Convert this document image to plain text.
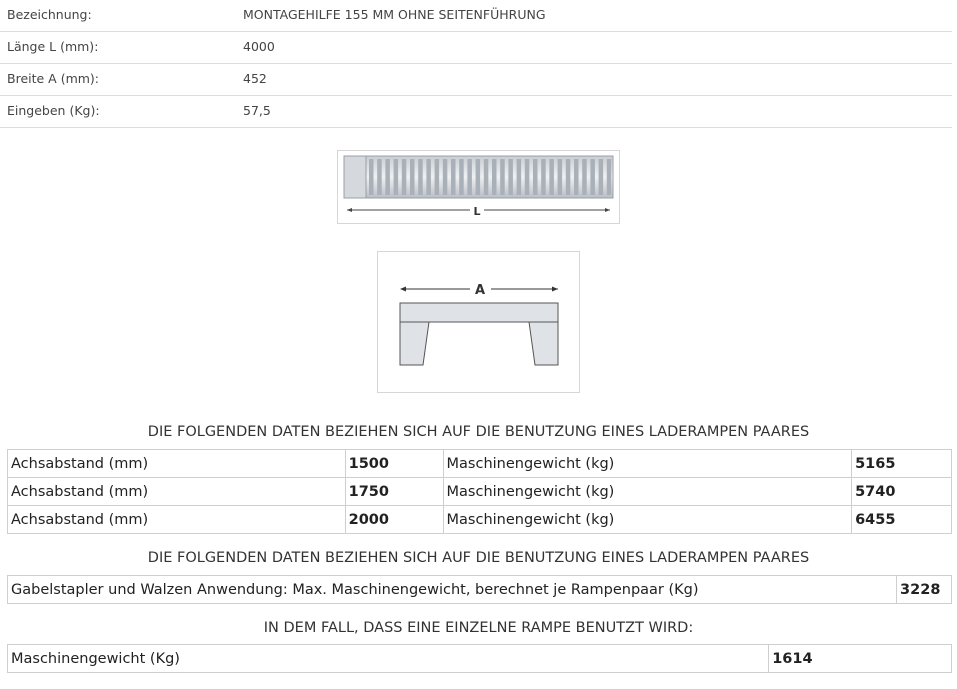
Bezeichnung:	MONTAGEHILFE 155 MM OHNE SEITENFÜHRUNG
Länge L (mm):	4000
Breite A (mm):	452
Eingeben (Kg):	57,5
L
A
DIE FOLGENDEN DATEN BEZIEHEN SICH AUF DIE BENUTZUNG EINES LADERAMPEN PAARES
Achsabstand (mm)	1500	Maschinengewicht (kg)	5165
Achsabstand (mm)	1750	Maschinengewicht (kg)	5740
Achsabstand (mm)	2000	Maschinengewicht (kg)	6455
DIE FOLGENDEN DATEN BEZIEHEN SICH AUF DIE BENUTZUNG EINES LADERAMPEN PAARES
Gabelstapler und Walzen Anwendung: Max. Maschinengewicht, berechnet je Rampenpaar (Kg)	3228
IN DEM FALL, DASS EINE EINZELNE RAMPE BENUTZT WIRD:
Maschinengewicht (Kg)	1614
